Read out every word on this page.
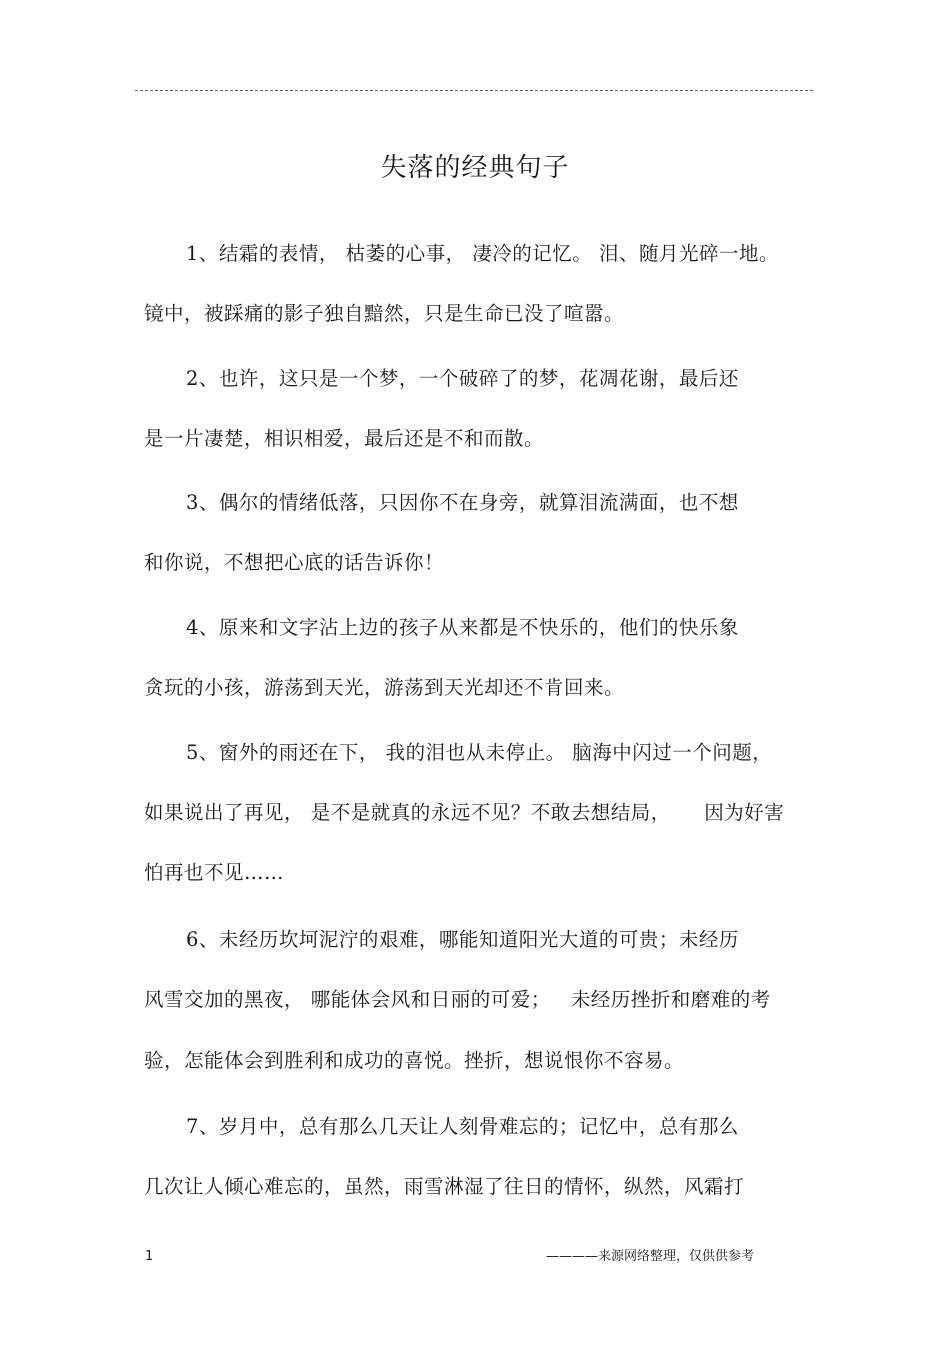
失落的经典句子
1、结霜的表情， 枯萎的心事， 凄冷的记忆。 泪、随月光碎一地。
镜中，被踩痛的影子独自黯然，只是生命已没了喧嚣。
2、也许，这只是一个梦，一个破碎了的梦，花凋花谢，最后还
是一片凄楚，相识相爱，最后还是不和而散。
3、偶尔的情绪低落，只因你不在身旁，就算泪流满面，也不想
和你说，不想把心底的话告诉你！
4、原来和文字沾上边的孩子从来都是不快乐的，他们的快乐象
贪玩的小孩，游荡到天光，游荡到天光却还不肯回来。
5、窗外的雨还在下， 我的泪也从未停止。 脑海中闪过一个问题，
如果说出了再见， 是不是就真的永远不见？不敢去想结局，     因为好害
怕再也不见……
6、未经历坎坷泥泞的艰难，哪能知道阳光大道的可贵；未经历
风雪交加的黑夜， 哪能体会风和日丽的可爱；   未经历挫折和磨难的考
验，怎能体会到胜利和成功的喜悦。挫折，想说恨你不容易。
7、岁月中，总有那么几天让人刻骨难忘的；记忆中，总有那么
几次让人倾心难忘的，虽然，雨雪淋湿了往日的情怀，纵然，风霜打
1	————来源网络整理，仅供供参考
